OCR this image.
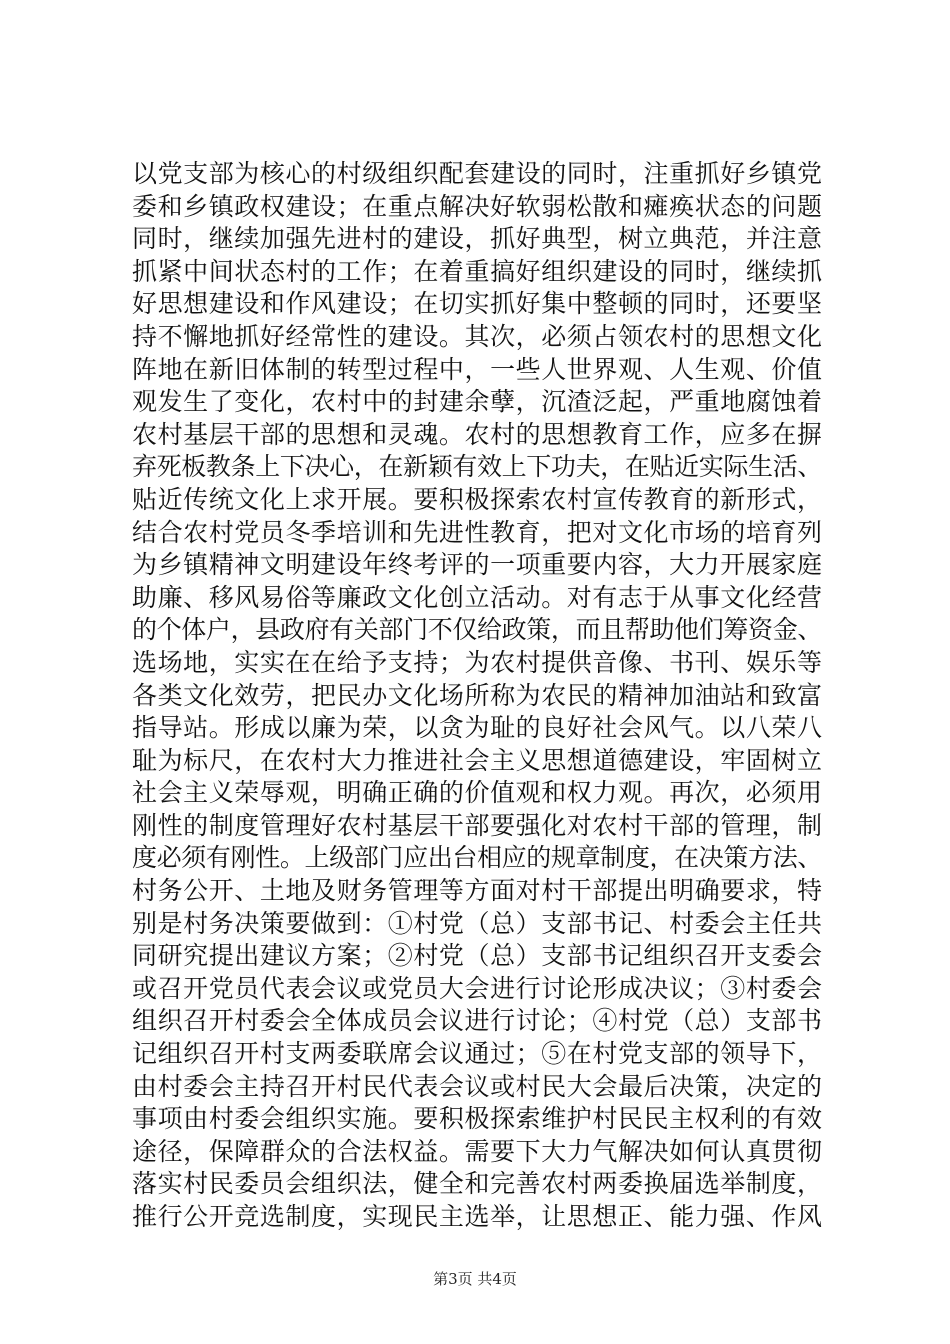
以党支部为核心的村级组织配套建设的同时，注重抓好乡镇党
委和乡镇政权建设；在重点解决好软弱松散和瘫痪状态的问题
同时，继续加强先进村的建设，抓好典型，树立典范，并注意
抓紧中间状态村的工作；在着重搞好组织建设的同时，继续抓
好思想建设和作风建设；在切实抓好集中整顿的同时，还要坚
持不懈地抓好经常性的建设。其次，必须占领农村的思想文化
阵地在新旧体制的转型过程中，一些人世界观、人生观、价值
观发生了变化，农村中的封建余孽，沉渣泛起，严重地腐蚀着
农村基层干部的思想和灵魂。农村的思想教育工作，应多在摒
弃死板教条上下决心，在新颖有效上下功夫，在贴近实际生活、
贴近传统文化上求开展。要积极探索农村宣传教育的新形式，
结合农村党员冬季培训和先进性教育，把对文化市场的培育列
为乡镇精神文明建设年终考评的一项重要内容，大力开展家庭
助廉、移风易俗等廉政文化创立活动。对有志于从事文化经营
的个体户，县政府有关部门不仅给政策，而且帮助他们筹资金、
选场地，实实在在给予支持；为农村提供音像、书刊、娱乐等
各类文化效劳，把民办文化场所称为农民的精神加油站和致富
指导站。形成以廉为荣，以贪为耻的良好社会风气。以八荣八
耻为标尺，在农村大力推进社会主义思想道德建设，牢固树立
社会主义荣辱观，明确正确的价值观和权力观。再次，必须用
刚性的制度管理好农村基层干部要强化对农村干部的管理，制
度必须有刚性。上级部门应出台相应的规章制度，在决策方法、
村务公开、土地及财务管理等方面对村干部提出明确要求，特
别是村务决策要做到：①村党（总）支部书记、村委会主任共
同研究提出建议方案；②村党（总）支部书记组织召开支委会
或召开党员代表会议或党员大会进行讨论形成决议；③村委会
组织召开村委会全体成员会议进行讨论；④村党（总）支部书
记组织召开村支两委联席会议通过；⑤在村党支部的领导下，
由村委会主持召开村民代表会议或村民大会最后决策，决定的
事项由村委会组织实施。要积极探索维护村民民主权利的有效
途径，保障群众的合法权益。需要下大力气解决如何认真贯彻
落实村民委员会组织法，健全和完善农村两委换届选举制度，
推行公开竞选制度，实现民主选举，让思想正、能力强、作风
第3页 共4页
